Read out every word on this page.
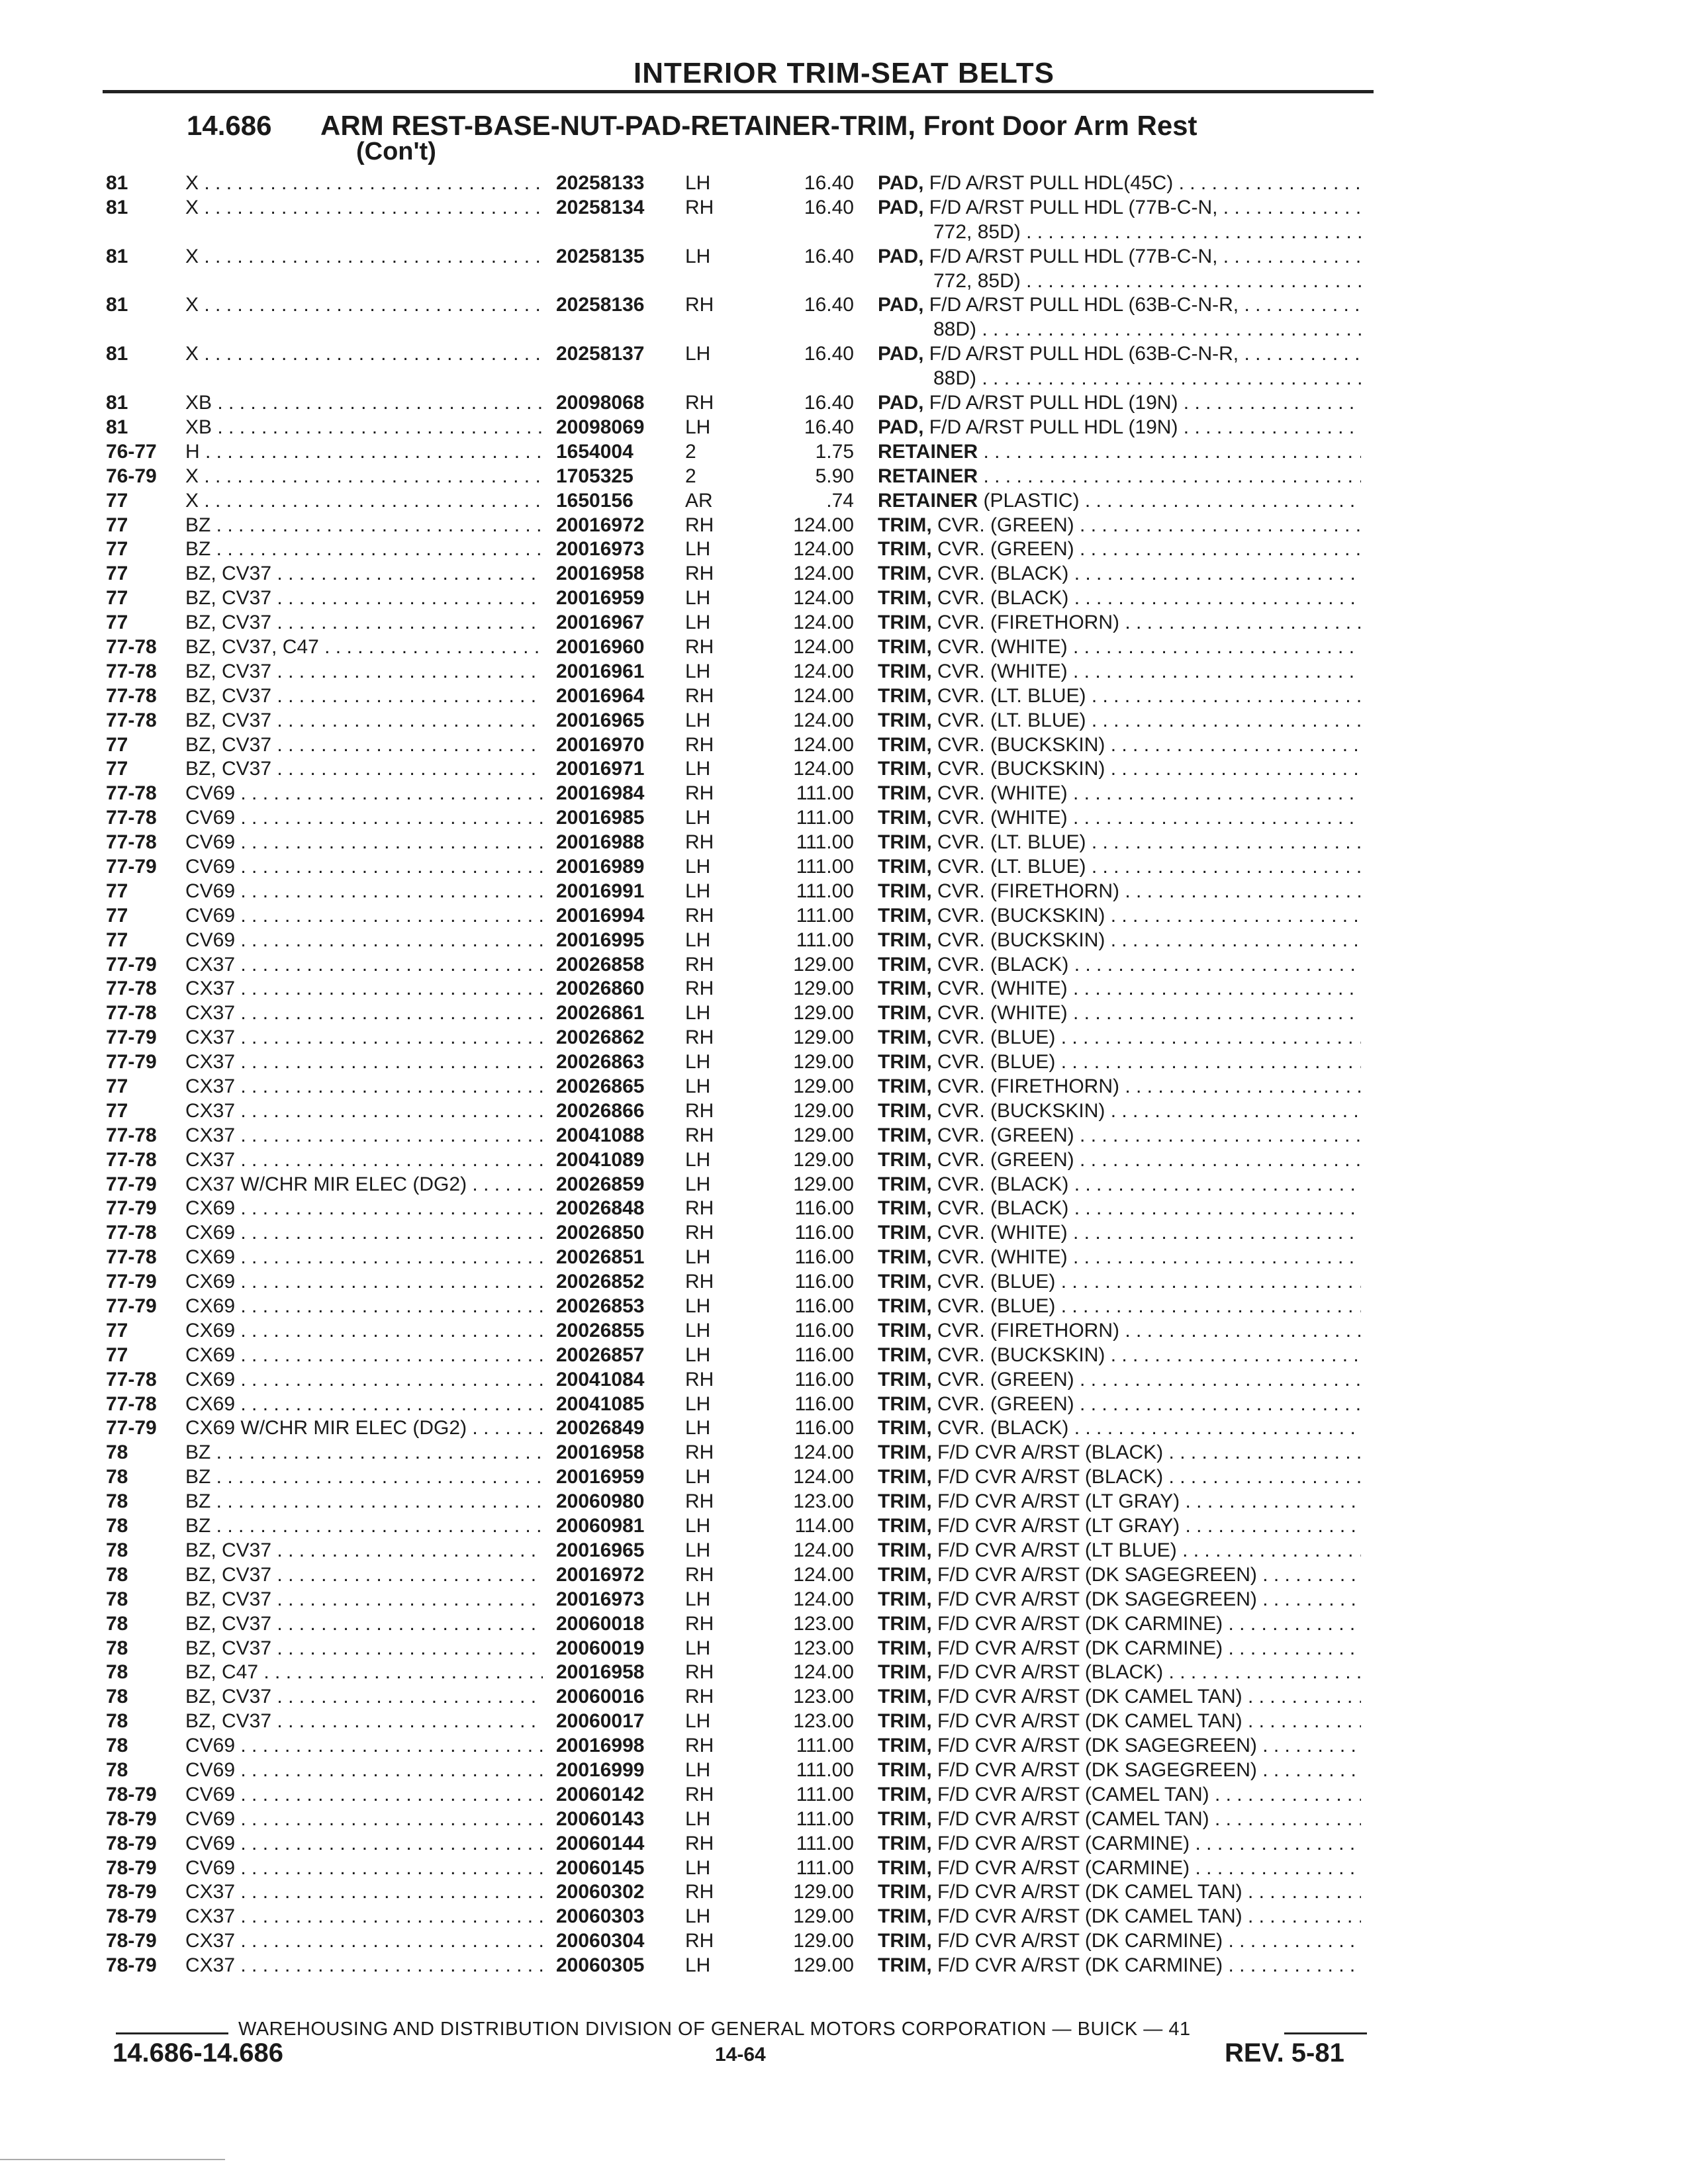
INTERIOR TRIM-SEAT BELTS
14.686 ARM REST-BASE-NUT-PAD-RETAINER-TRIM, Front Door Arm Rest
(Con't)
81	X . . .	20258133 LH	16.40 PAD, F/D A/RST PULL HDL(45C) . . .
81	X . . .	20258134 RH	16.40 PAD, F/D A/RST PULL HDL (77B-C-N, . . .
772, 85D) . . .
81	X . . .	20258135 LH	16.40 PAD, F/D A/RST PULL HDL (77B-C-N, . . .
772, 85D) . . .
81	X . . .	20258136 RH	16.40 PAD, F/D A/RST PULL HDL (63B-C-N-R, . . .
88D) . . .
81	X . . .	20258137 LH	16.40 PAD, F/D A/RST PULL HDL (63B-C-N-R, . . .
88D) . . .
81	XB . . .	20098068 RH	16.40 PAD, F/D A/RST PULL HDL (19N) . . .
81	XB . . .	20098069 LH	16.40 PAD, F/D A/RST PULL HDL (19N) . . .
76-77 H . . .	1654004	2	1.75 RETAINER . . .
76-79 X . . .	1705325	2	5.90 RETAINER . . .
77	X . . .	1650156	AR	.74 RETAINER (PLASTIC) . . .
77	BZ . . .	20016972 RH	124.00 TRIM, CVR. (GREEN) . . .
77	BZ . . .	20016973 LH	124.00 TRIM, CVR. (GREEN) . . .
77	BZ, CV37 . . .	20016958 RH	124.00 TRIM, CVR. (BLACK) . . .
77	BZ, CV37 . . .	20016959 LH	124.00 TRIM, CVR. (BLACK) . . .
77	BZ, CV37 . . .	20016967 LH	124.00 TRIM, CVR. (FIRETHORN) . . .
77-78 BZ, CV37, C47 . . .	20016960 RH	124.00 TRIM, CVR. (WHITE) . . .
77-78 BZ, CV37 . . .	20016961 LH	124.00 TRIM, CVR. (WHITE) . . .
77-78 BZ, CV37 . . .	20016964 RH	124.00 TRIM, CVR. (LT. BLUE) . . .
77-78 BZ, CV37 . . .	20016965 LH	124.00 TRIM, CVR. (LT. BLUE) . . .
77	BZ, CV37 . . .	20016970 RH	124.00 TRIM, CVR. (BUCKSKIN) . . .
77	BZ, CV37 . . .	20016971 LH	124.00 TRIM, CVR. (BUCKSKIN) . . .
77-78 CV69 . . .	20016984 RH	111.00 TRIM, CVR. (WHITE) . . .
77-78 CV69 . . .	20016985 LH	111.00 TRIM, CVR. (WHITE) . . .
77-78 CV69 . . .	20016988 RH	111.00 TRIM, CVR. (LT. BLUE) . . .
77-79 CV69 . . .	20016989 LH	111.00 TRIM, CVR. (LT. BLUE) . . .
77	CV69 . . .	20016991 LH	111.00 TRIM, CVR. (FIRETHORN) . . .
77	CV69 . . .	20016994 RH	111.00 TRIM, CVR. (BUCKSKIN) . . .
77	CV69 . . .	20016995 LH	111.00 TRIM, CVR. (BUCKSKIN) . . .
77-79 CX37 . . .	20026858 RH	129.00 TRIM, CVR. (BLACK) . . .
77-78 CX37 . . .	20026860 RH	129.00 TRIM, CVR. (WHITE) . . .
77-78 CX37 . . .	20026861 LH	129.00 TRIM, CVR. (WHITE) . . .
77-79 CX37 . . .	20026862 RH	129.00 TRIM, CVR. (BLUE) . . .
77-79 CX37 . . .	20026863 LH	129.00 TRIM, CVR. (BLUE) . . .
77	CX37 . . .	20026865 LH	129.00 TRIM, CVR. (FIRETHORN) . . .
77	CX37 . . .	20026866 RH	129.00 TRIM, CVR. (BUCKSKIN) . . .
77-78 CX37 . . .	20041088 RH	129.00 TRIM, CVR. (GREEN) . . .
77-78 CX37 . . .	20041089 LH	129.00 TRIM, CVR. (GREEN) . . .
77-79 CX37 W/CHR MIR ELEC (DG2) . . .	20026859 LH	129.00 TRIM, CVR. (BLACK) . . .
77-79 CX69 . . .	20026848 RH	116.00 TRIM, CVR. (BLACK) . . .
77-78 CX69 . . .	20026850 RH	116.00 TRIM, CVR. (WHITE) . . .
77-78 CX69 . . .	20026851 LH	116.00 TRIM, CVR. (WHITE) . . .
77-79 CX69 . . .	20026852 RH	116.00 TRIM, CVR. (BLUE) . . .
77-79 CX69 . . .	20026853 LH	116.00 TRIM, CVR. (BLUE) . . .
77	CX69 . . .	20026855 LH	116.00 TRIM, CVR. (FIRETHORN) . . .
77	CX69 . . .	20026857 LH	116.00 TRIM, CVR. (BUCKSKIN) . . .
77-78 CX69 . . .	20041084 RH	116.00 TRIM, CVR. (GREEN) . . .
77-78 CX69 . . .	20041085 LH	116.00 TRIM, CVR. (GREEN) . . .
77-79 CX69 W/CHR MIR ELEC (DG2) . . .	20026849 LH	116.00 TRIM, CVR. (BLACK) . . .
78	BZ . . .	20016958 RH	124.00 TRIM, F/D CVR A/RST (BLACK) . . .
78	BZ . . .	20016959 LH	124.00 TRIM, F/D CVR A/RST (BLACK) . . .
78	BZ . . .	20060980 RH	123.00 TRIM, F/D CVR A/RST (LT GRAY) . . .
78	BZ . . .	20060981 LH	114.00 TRIM, F/D CVR A/RST (LT GRAY) . . .
78	BZ, CV37 . . .	20016965 LH	124.00 TRIM, F/D CVR A/RST (LT BLUE) . . .
78	BZ, CV37 . . .	20016972 RH	124.00 TRIM, F/D CVR A/RST (DK SAGEGREEN) . . .
78	BZ, CV37 . . .	20016973 LH	124.00 TRIM, F/D CVR A/RST (DK SAGEGREEN) . . .
78	BZ, CV37 . . .	20060018 RH	123.00 TRIM, F/D CVR A/RST (DK CARMINE) . . .
78	BZ, CV37 . . .	20060019 LH	123.00 TRIM, F/D CVR A/RST (DK CARMINE) . . .
78	BZ, C47 . . .	20016958 RH	124.00 TRIM, F/D CVR A/RST (BLACK) . . .
78	BZ, CV37 . . .	20060016 RH	123.00 TRIM, F/D CVR A/RST (DK CAMEL TAN) . . .
78	BZ, CV37 . . .	20060017 LH	123.00 TRIM, F/D CVR A/RST (DK CAMEL TAN) . . .
78	CV69 . . .	20016998 RH	111.00 TRIM, F/D CVR A/RST (DK SAGEGREEN) . . .
78	CV69 . . .	20016999 LH	111.00 TRIM, F/D CVR A/RST (DK SAGEGREEN) . . .
78-79 CV69 . . .	20060142 RH	111.00 TRIM, F/D CVR A/RST (CAMEL TAN) . . .
78-79 CV69 . . .	20060143 LH	111.00 TRIM, F/D CVR A/RST (CAMEL TAN) . . .
78-79 CV69 . . .	20060144 RH	111.00 TRIM, F/D CVR A/RST (CARMINE) . . .
78-79 CV69 . . .	20060145 LH	111.00 TRIM, F/D CVR A/RST (CARMINE) . . .
78-79 CX37 . . .	20060302 RH	129.00 TRIM, F/D CVR A/RST (DK CAMEL TAN) . . .
78-79 CX37 . . .	20060303 LH	129.00 TRIM, F/D CVR A/RST (DK CAMEL TAN) . . .
78-79 CX37 . . .	20060304 RH	129.00 TRIM, F/D CVR A/RST (DK CARMINE) . . .
78-79 CX37 . . .	20060305 LH	129.00 TRIM, F/D CVR A/RST (DK CARMINE) . . .
WAREHOUSING AND DISTRIBUTION DIVISION OF GENERAL MOTORS CORPORATION — BUICK — 41
14.686-14.686	14-64	REV. 5-81
